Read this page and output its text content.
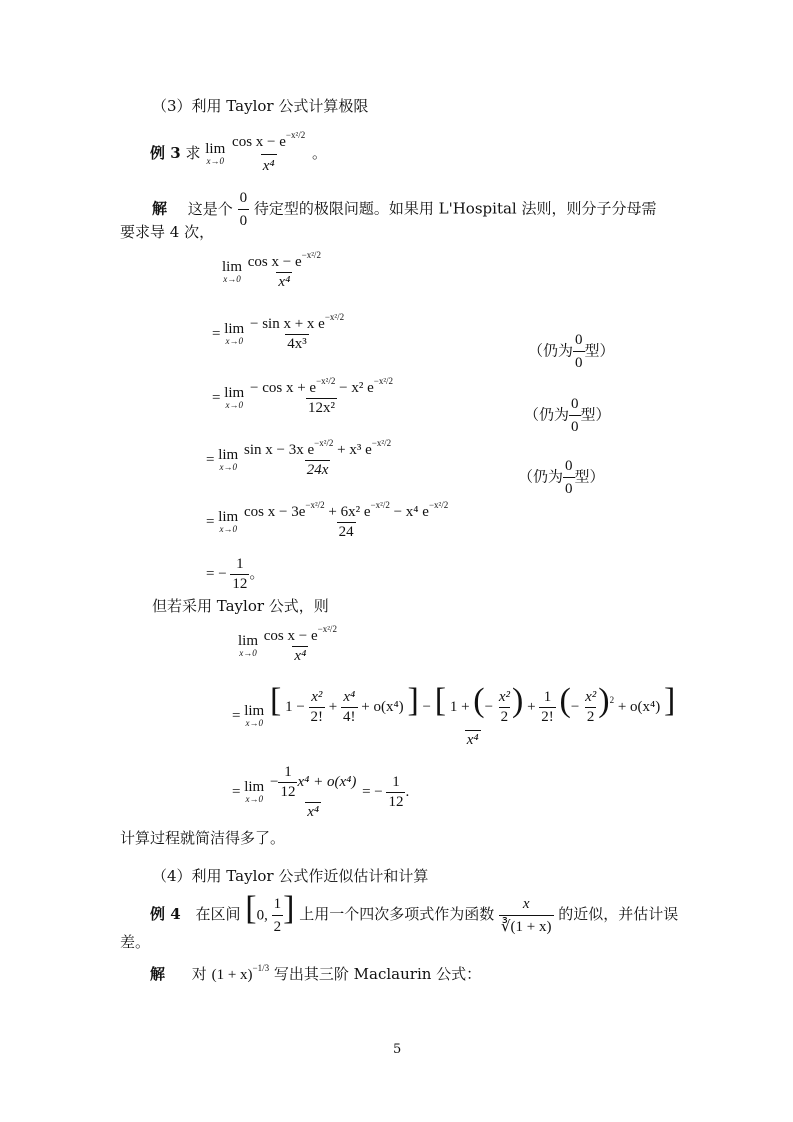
（3）利用 Taylor 公式计算极限
例 3 求 lim
x→0
$\frac{\cos x - e^{-x^2/2}}{\text{x⁴}}$ 。
解 这是个 $\frac{0}{0}$ 待定型的极限问题。如果用 L'Hospital 法则，则分子分母需
要求导 4 次，
lim
x→0
$\frac{\cos x - e^{-x^2/2}}{\text{x⁴}}$
= lim
x→0
$\frac{- \sin x + x e^{-x^2/2}}{\text{4x³}}$	（仍为 $\frac{0}{0}$ 型）
= lim
x→0
$\frac{- \cos x + e^{-x^2/2} - x^2 e^{-x^2/2}}{\text{12x²}}$	（仍为 $\frac{0}{0}$ 型）
= lim
x→0
$\frac{\sin x - 3x e^{-x^2/2} + x^3 e^{-x^2/2}}{24x}$	（仍为 $\frac{0}{0}$ 型）
= lim
x→0
$\frac{\cos x - 3e^{-x^2/2} + 6x^2 e^{-x^2/2} - x^4 e^{-x^2/2}}{24}$
= − $\frac{1}{12}$ 。
但若采用 Taylor 公式，则
lim
x→0
$\frac{\cos x - e^{-x^2/2}}{\text{x⁴}}$
= lim
x→0

[ $1 - \frac{\text{x²}}{2!} + \frac{\text{x⁴}}{4!} + o(x^4)$ ] − [ 1 + (− $\frac{\text{x²}}{2}$ ) + $\frac{1}{2!}$ (− $\frac{\text{x²}}{2} )^2 + o(x^4)$ ]
x⁴
= lim
x→0
$\frac{- \frac{1}{12} x^4 + o(x^4)}{\text{x⁴}}$ = − $\frac{1}{12}$ .
计算过程就简洁得多了。
（4）利用 Taylor 公式作近似估计和计算
例 4 在区间 [0, $\frac{1}{2}$ ] 上用一个四次多项式作为函数 $\frac{x}{∛(1 + x)}$ 的近似，并估计误
差。
解 对 $(1 + x)^{-1/3}$ 写出其三阶 Maclaurin 公式：
5
